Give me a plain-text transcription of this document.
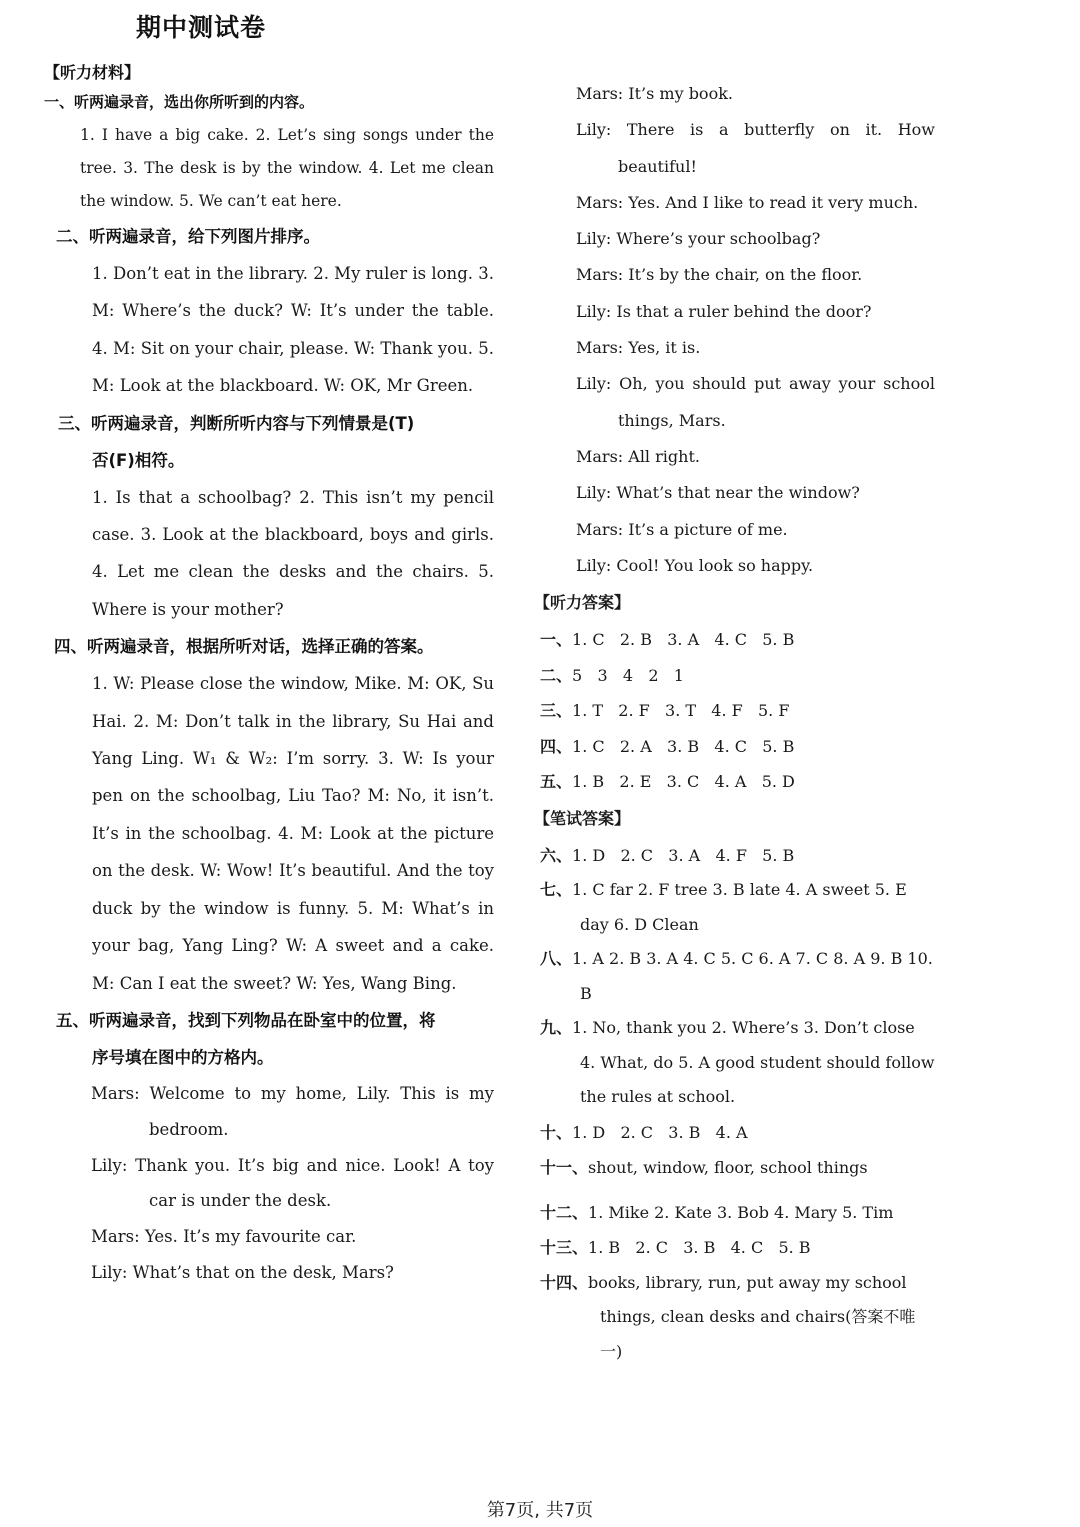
期中测试卷
【听力材料】
一、听两遍录音，选出你所听到的内容。
1. I have a big cake. 2. Let’s sing songs under the tree. 3. The desk is by the window. 4. Let me clean the window. 5. We can’t eat here.
二、听两遍录音，给下列图片排序。
1. Don’t eat in the library. 2. My ruler is long. 3. M: Where’s the duck? W: It’s under the table. 4. M: Sit on your chair, please. W: Thank you. 5. M: Look at the blackboard. W: OK, Mr Green.
三、听两遍录音，判断所听内容与下列情景是(T)
否(F)相符。
1. Is that a schoolbag? 2. This isn’t my pencil case. 3. Look at the blackboard, boys and girls. 4. Let me clean the desks and the chairs. 5. Where is your mother?
四、听两遍录音，根据所听对话，选择正确的答案。
1. W: Please close the window, Mike. M: OK, Su Hai. 2. M: Don’t talk in the library, Su Hai and Yang Ling. W₁ & W₂: I’m sorry. 3. W: Is your pen on the schoolbag, Liu Tao? M: No, it isn’t. It’s in the schoolbag. 4. M: Look at the picture on the desk. W: Wow! It’s beautiful. And the toy duck by the window is funny. 5. M: What’s in your bag, Yang Ling? W: A sweet and a cake. M: Can I eat the sweet? W: Yes, Wang Bing.
五、听两遍录音，找到下列物品在卧室中的位置，将
序号填在图中的方格内。
Mars: Welcome to my home, Lily. This is my bedroom.
Lily: Thank you. It’s big and nice. Look! A toy car is under the desk.
Mars: Yes. It’s my favourite car.
Lily: What’s that on the desk, Mars?
Mars: It’s my book.
Lily: There is a butterfly on it. How beautiful!
Mars: Yes. And I like to read it very much.
Lily: Where’s your schoolbag?
Mars: It’s by the chair, on the floor.
Lily: Is that a ruler behind the door?
Mars: Yes, it is.
Lily: Oh, you should put away your school things, Mars.
Mars: All right.
Lily: What’s that near the window?
Mars: It’s a picture of me.
Lily: Cool! You look so happy.
【听力答案】
一、1. C   2. B   3. A   4. C   5. B
二、5   3   4   2   1
三、1. T   2. F   3. T   4. F   5. F
四、1. C   2. A   3. B   4. C   5. B
五、1. B   2. E   3. C   4. A   5. D
【笔试答案】
六、1. D   2. C   3. A   4. F   5. B
七、1. C far 2. F tree 3. B late 4. A sweet 5. E day 6. D Clean
八、1. A 2. B 3. A 4. C 5. C 6. A 7. C 8. A 9. B 10. B
九、1. No, thank you 2. Where’s 3. Don’t close 4. What, do 5. A good student should follow the rules at school.
十、1. D   2. C   3. B   4. A
十一、shout, window, floor, school things
十二、1. Mike 2. Kate 3. Bob 4. Mary 5. Tim
十三、1. B   2. C   3. B   4. C   5. B
十四、books, library, run, put away my school things, clean desks and chairs(答案不唯一)
第7页, 共7页
